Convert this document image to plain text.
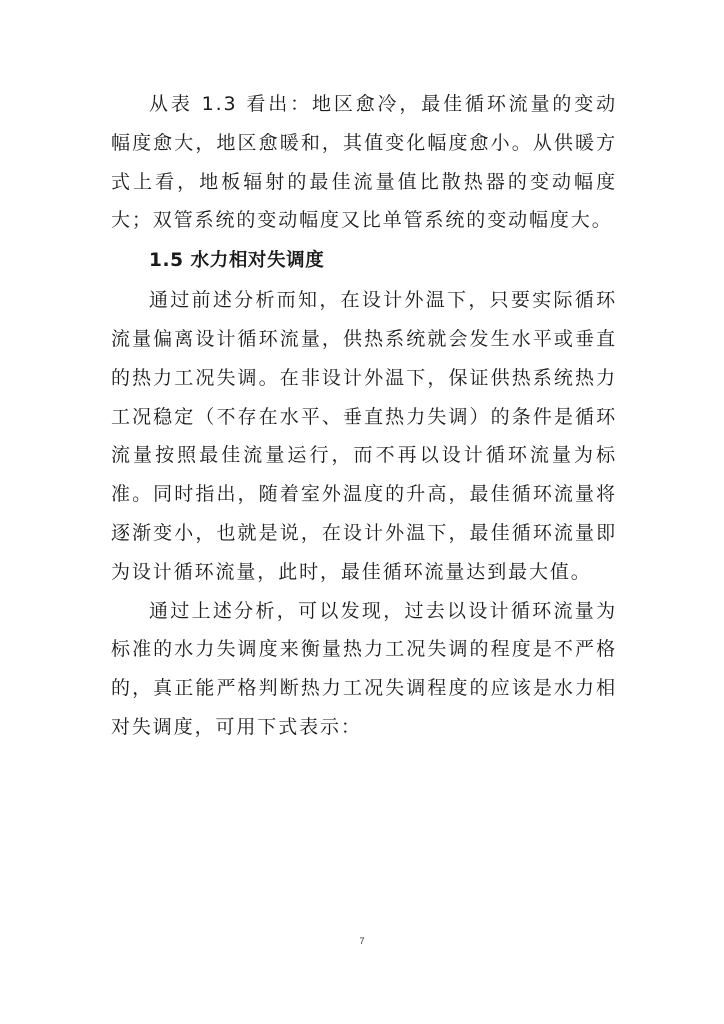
从表 1.3 看出：地区愈冷，最佳循环流量的变动幅度愈大，地区愈暖和，其值变化幅度愈小。从供暖方式上看，地板辐射的最佳流量值比散热器的变动幅度大；双管系统的变动幅度又比单管系统的变动幅度大。

1.5 水力相对失调度

通过前述分析而知，在设计外温下，只要实际循环流量偏离设计循环流量，供热系统就会发生水平或垂直的热力工况失调。在非设计外温下，保证供热系统热力工况稳定（不存在水平、垂直热力失调）的条件是循环流量按照最佳流量运行，而不再以设计循环流量为标准。同时指出，随着室外温度的升高，最佳循环流量将逐渐变小，也就是说，在设计外温下，最佳循环流量即为设计循环流量，此时，最佳循环流量达到最大值。

通过上述分析，可以发现，过去以设计循环流量为标准的水力失调度来衡量热力工况失调的程度是不严格的，真正能严格判断热力工况失调程度的应该是水力相对失调度，可用下式表示：

7
